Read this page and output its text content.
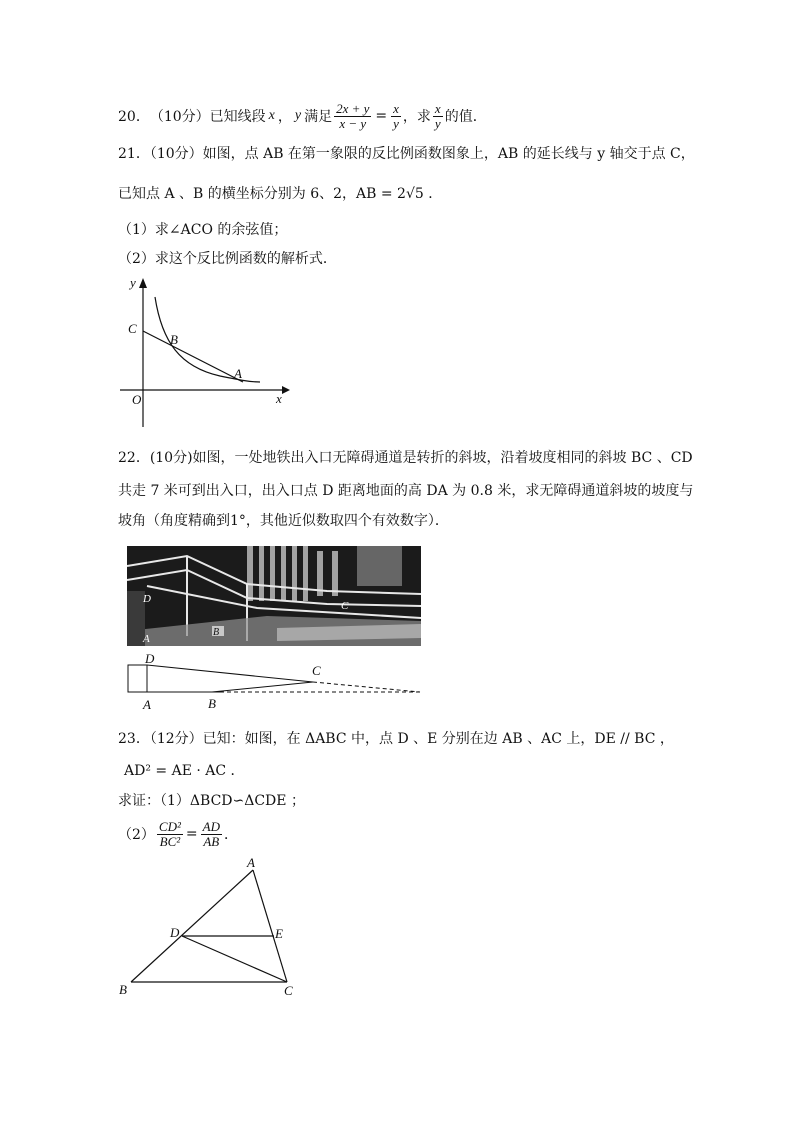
20． （10分） 已知线段 x ， y 满足 $\frac{2x + y}{x - y} = \frac{x}{y}$ ，求 $\frac{x}{y}$ 的值．
21．（10分）如图，点 AB 在第一象限的反比例函数图象上，AB 的延长线与 y 轴交于点 C，
已知点 A 、B 的横坐标分别为 6、2，AB = 2√5 ．
（1）求∠ACO 的余弦值；
（2）求这个反比例函数的解析式．
y
x
O
C
B
A
22．(10分)如图，一处地铁出入口无障碍通道是转折的斜坡，沿着坡度相同的斜坡 BC 、CD
共走 7 米可到出入口，出入口点 D 距离地面的高 DA 为 0.8 米，求无障碍通道斜坡的坡度与
坡角（角度精确到1°，其他近似数取四个有效数字）．
D
A
B
C
D
C
A	B
23．（12分）已知：如图，在 ΔABC 中，点 D 、E 分别在边 AB 、AC 上，DE // BC ，
AD² = AE · AC ．
求证：（1）ΔBCD∽ΔCDE ；
$(2) \frac{\text{CD²}}{\text{BC²}} = \frac{AD}{AB}$ ．
A
D	E
B	C
